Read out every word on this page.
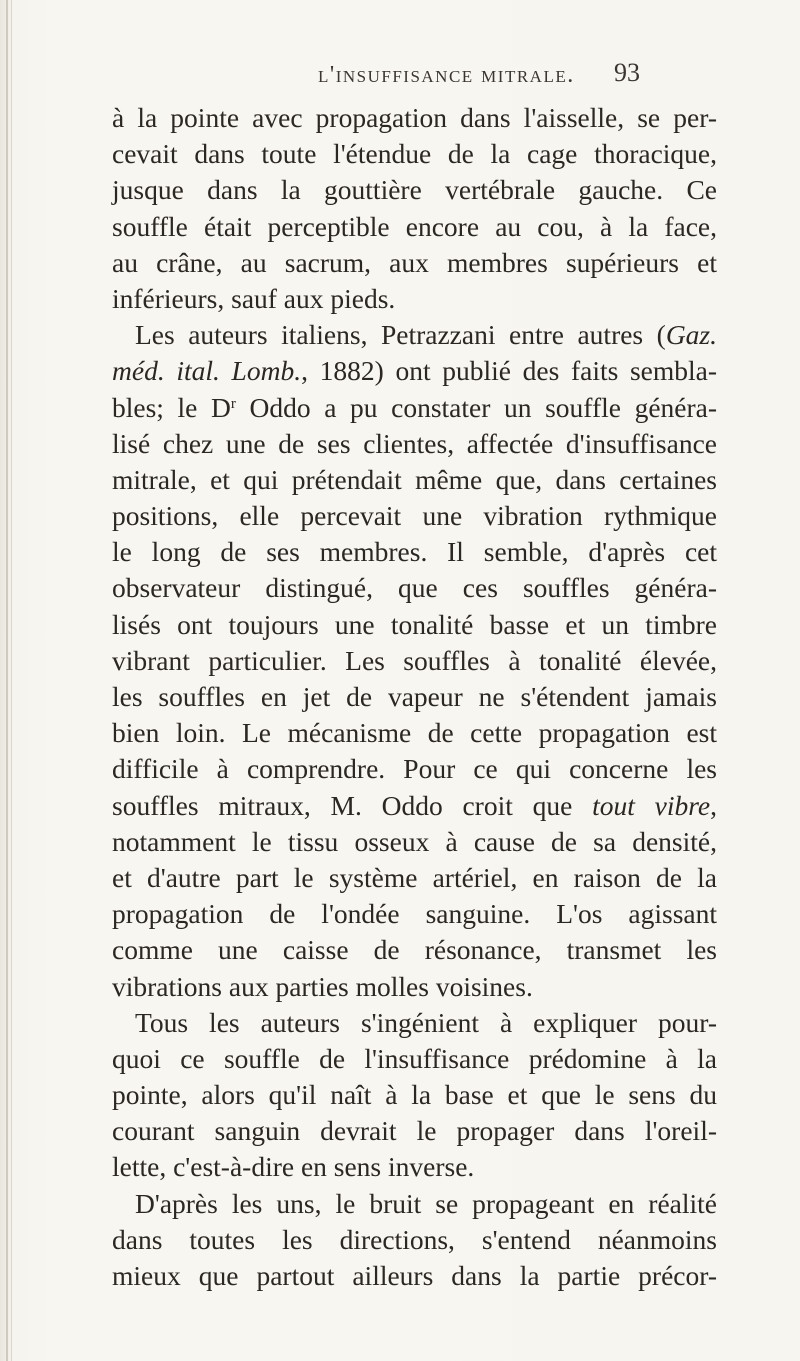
l'insuffisance mitrale. 93
à la pointe avec propagation dans l'aisselle, se per-
cevait dans toute l'étendue de la cage thoracique,
jusque dans la gouttière vertébrale gauche. Ce
souffle était perceptible encore au cou, à la face,
au crâne, au sacrum, aux membres supérieurs et
inférieurs, sauf aux pieds.
Les auteurs italiens, Petrazzani entre autres (Gaz.
méd. ital. Lomb., 1882) ont publié des faits sembla-
bles; le $D^r$ Oddo a pu constater un souffle généra-
lisé chez une de ses clientes, affectée d'insuffisance
mitrale, et qui prétendait même que, dans certaines
positions, elle percevait une vibration rythmique
le long de ses membres. Il semble, d'après cet
observateur distingué, que ces souffles généra-
lisés ont toujours une tonalité basse et un timbre
vibrant particulier. Les souffles à tonalité élevée,
les souffles en jet de vapeur ne s'étendent jamais
bien loin. Le mécanisme de cette propagation est
difficile à comprendre. Pour ce qui concerne les
souffles mitraux, M. Oddo croit que tout vibre,
notamment le tissu osseux à cause de sa densité,
et d'autre part le système artériel, en raison de la
propagation de l'ondée sanguine. L'os agissant
comme une caisse de résonance, transmet les
vibrations aux parties molles voisines.
Tous les auteurs s'ingénient à expliquer pour-
quoi ce souffle de l'insuffisance prédomine à la
pointe, alors qu'il naît à la base et que le sens du
courant sanguin devrait le propager dans l'oreil-
lette, c'est-à-dire en sens inverse.
D'après les uns, le bruit se propageant en réalité
dans toutes les directions, s'entend néanmoins
mieux que partout ailleurs dans la partie précor-
